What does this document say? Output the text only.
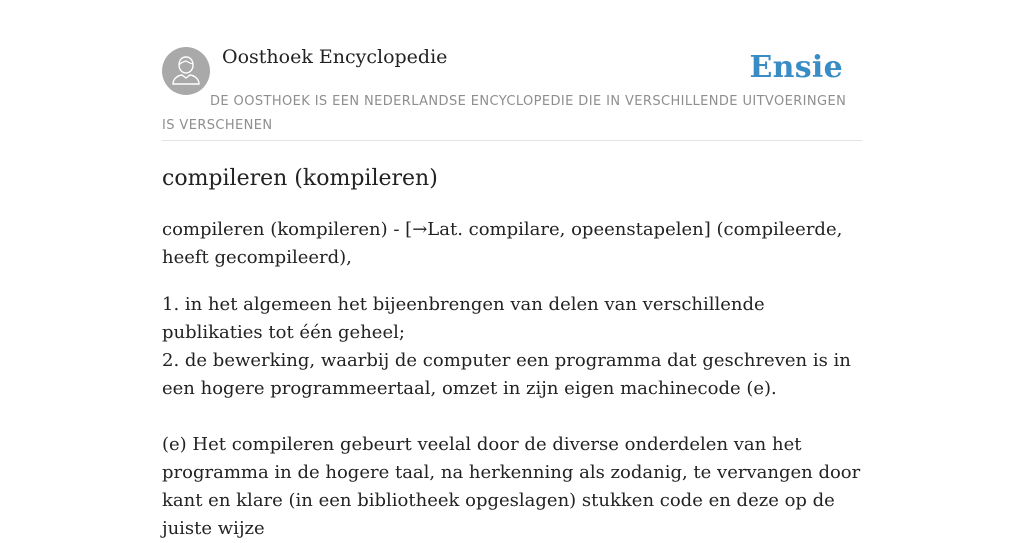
Oosthoek Encyclopedie	Ensie
DE OOSTHOEK IS EEN NEDERLANDSE ENCYCLOPEDIE DIE IN VERSCHILLENDE UITVOERINGEN IS VERSCHENEN
compileren (kompileren)

compileren (kompileren) - [→Lat. compilare, opeenstapelen] (compileerde, heeft gecompileerd),

1. in het algemeen het bijeenbrengen van delen van verschillende publikaties tot één geheel;
2. de bewerking, waarbij de computer een programma dat geschreven is in een hogere programmeertaal, omzet in zijn eigen machinecode (e).

(e) Het compileren gebeurt veelal door de diverse onderdelen van het programma in de hogere taal, na herkenning als zodanig, te vervangen door kant en klare (in een bibliotheek opgeslagen) stukken code en deze op de juiste wijze
